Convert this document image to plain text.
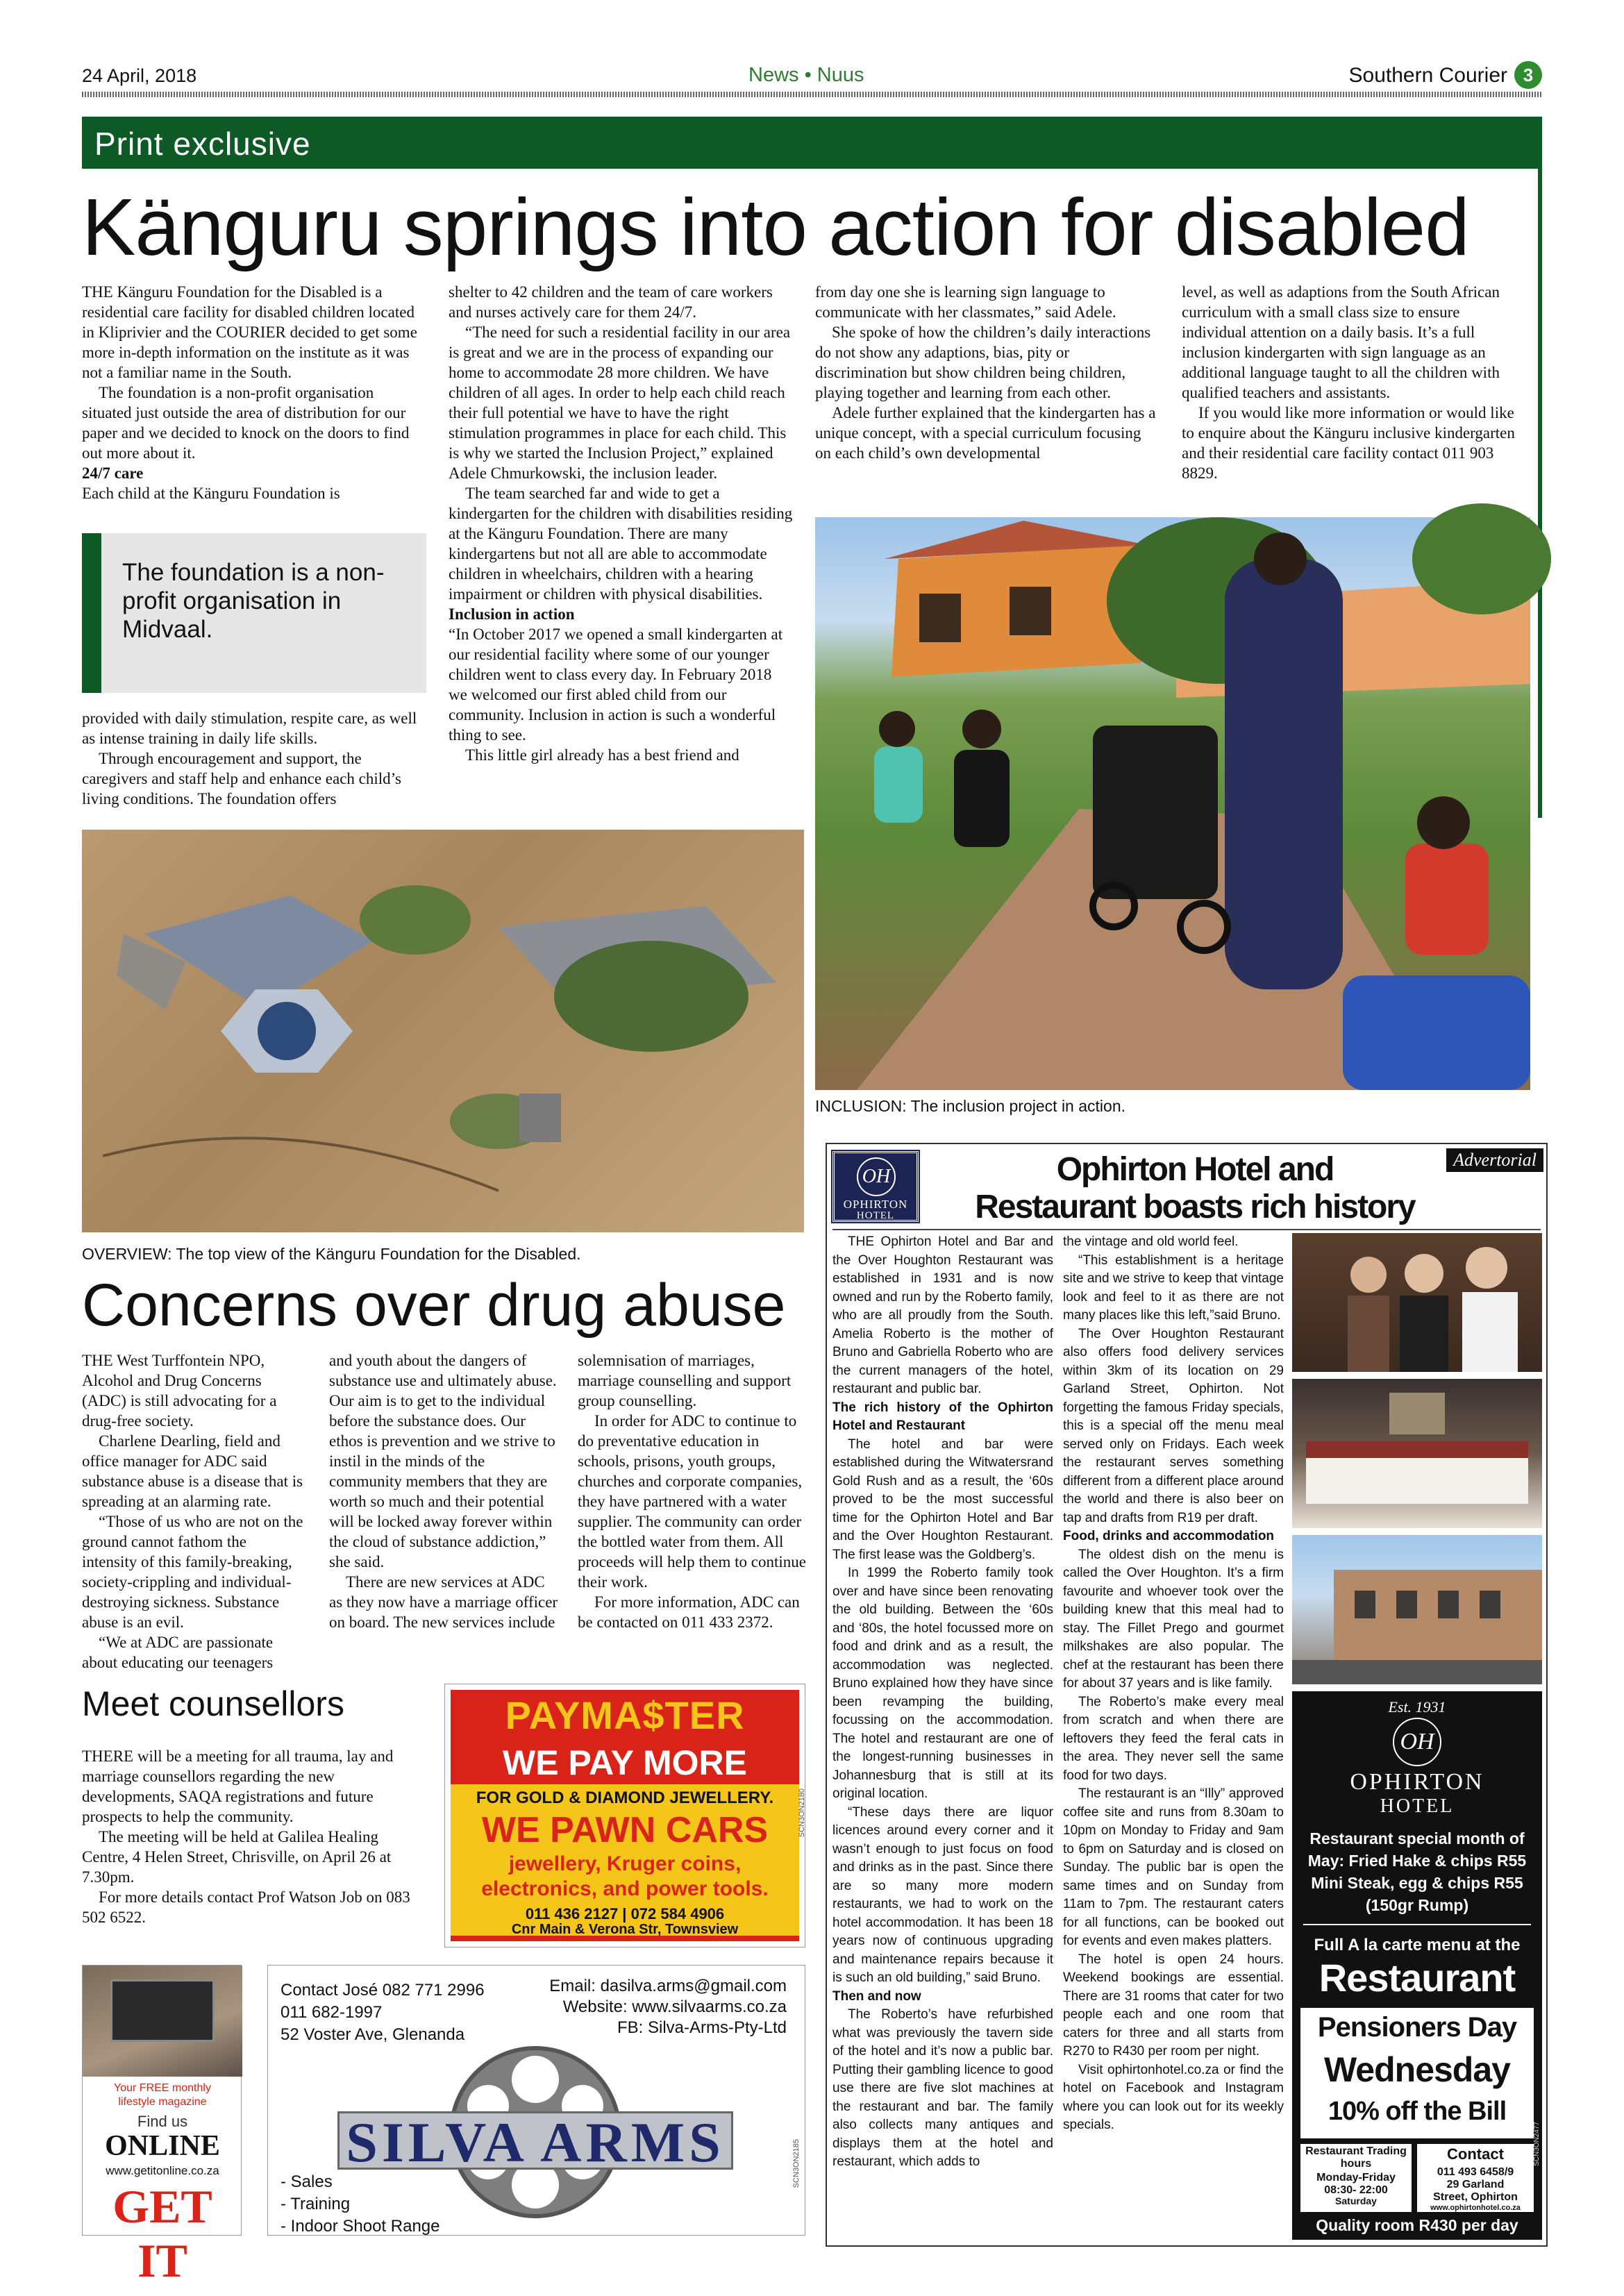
24 April, 2018	News • Nuus	Southern Courier 3
Print exclusive
Känguru springs into action for disabled

THE Känguru Foundation for the Disabled is a residential care facility for disabled children located in Kliprivier and the COURIER decided to get some more in-depth information on the institute as it was not a familiar name in the South.

The foundation is a non-profit organisation situated just outside the area of distribution for our paper and we decided to knock on the doors to find out more about it.

24/7 care

Each child at the Känguru Foundation is

The foundation is a non-profit organisation in Midvaal.

provided with daily stimulation, respite care, as well as intense training in daily life skills.

Through encouragement and support, the caregivers and staff help and enhance each child’s living conditions. The foundation offers

shelter to 42 children and the team of care workers and nurses actively care for them 24/7.

“The need for such a residential facility in our area is great and we are in the process of expanding our home to accommodate 28 more children. We have children of all ages. In order to help each child reach their full potential we have to have the right stimulation programmes in place for each child. This is why we started the Inclusion Project,” explained Adele Chmurkowski, the inclusion leader.

The team searched far and wide to get a kindergarten for the children with disabilities residing at the Känguru Foundation. There are many kindergartens but not all are able to accommodate children in wheelchairs, children with a hearing impairment or children with physical disabilities.

Inclusion in action

“In October 2017 we opened a small kindergarten at our residential facility where some of our younger children went to class every day. In February 2018 we welcomed our first abled child from our community. Inclusion in action is such a wonderful thing to see.

This little girl already has a best friend and

from day one she is learning sign language to communicate with her classmates,” said Adele.

She spoke of how the children’s daily interactions do not show any adaptions, bias, pity or discrimination but show children being children, playing together and learning from each other.

Adele further explained that the kindergarten has a unique concept, with a special curriculum focusing on each child’s own developmental

level, as well as adaptions from the South African curriculum with a small class size to ensure individual attention on a daily basis. It’s a full inclusion kindergarten with sign language as an additional language taught to all the children with qualified teachers and assistants.

If you would like more information or would like to enquire about the Känguru inclusive kindergarten and their residential care facility contact 011 903 8829.

INCLUSION: The inclusion project in action.
OVERVIEW: The top view of the Känguru Foundation for the Disabled.
Concerns over drug abuse

THE West Turffontein NPO, Alcohol and Drug Concerns (ADC) is still advocating for a drug-free society.

Charlene Dearling, field and office manager for ADC said substance abuse is a disease that is spreading at an alarming rate.

“Those of us who are not on the ground cannot fathom the intensity of this family-breaking, society-crippling and individual-destroying sickness. Substance abuse is an evil.

“We at ADC are passionate about educating our teenagers

and youth about the dangers of substance use and ultimately abuse. Our aim is to get to the individual before the substance does. Our ethos is prevention and we strive to instil in the minds of the community members that they are worth so much and their potential will be locked away forever within the cloud of substance addiction,” she said.

There are new services at ADC as they now have a marriage officer on board. The new services include

solemnisation of marriages, marriage counselling and support group counselling.

In order for ADC to continue to do preventative education in schools, prisons, youth groups, churches and corporate companies, they have partnered with a water supplier. The community can order the bottled water from them. All proceeds will help them to continue their work.

For more information, ADC can be contacted on 011 433 2372.

Meet counsellors

THERE will be a meeting for all trauma, lay and marriage counsellors regarding the new developments, SAQA registrations and future prospects to help the community.

The meeting will be held at Galilea Healing Centre, 4 Helen Street, Chrisville, on April 26 at 7.30pm.

For more details contact Prof Watson Job on 083 502 6522.

PAYMA$TER
WE PAY MORE
FOR GOLD & DIAMOND JEWELLERY.
WE PAWN CARS
jewellery, Kruger coins,
electronics, and power tools.
011 436 2127 | 072 584 4906
Cnr Main & Verona Str, Townsview
SCN3ON2180
Your FREE monthly
lifestyle magazine
Find us
ONLINE
www.getitonline.co.za
GET IT
Contact José 082 771 2996
011 682-1997
52 Voster Ave, Glenanda
Email: dasilva.arms@gmail.com
Website: www.silvaarms.co.za
FB: Silva-Arms-Pty-Ltd
SILVA ARMS
- Sales
- Training
- Indoor Shoot Range
SCN3ON2185
OH
OPHIRTON
HOTEL
Ophirton Hotel and
Restaurant boasts rich history
Advertorial

THE Ophirton Hotel and Bar and the Over Houghton Restaurant was established in 1931 and is now owned and run by the Roberto family, who are all proudly from the South. Amelia Roberto is the mother of Bruno and Gabriella Roberto who are the current managers of the hotel, restaurant and public bar.

The rich history of the Ophirton Hotel and Restaurant

The hotel and bar were established during the Witwatersrand Gold Rush and as a result, the ‘60s proved to be the most successful time for the Ophirton Hotel and Bar and the Over Houghton Restaurant. The first lease was the Goldberg’s.

In 1999 the Roberto family took over and have since been renovating the old building. Between the ‘60s and ‘80s, the hotel focussed more on food and drink and as a result, the accommodation was neglected. Bruno explained how they have since been revamping the building, focussing on the accommodation. The hotel and restaurant are one of the longest-running businesses in Johannesburg that is still at its original location.

“These days there are liquor licences around every corner and it wasn’t enough to just focus on food and drinks as in the past. Since there are so many more modern restaurants, we had to work on the hotel accommodation. It has been 18 years now of continuous upgrading and maintenance repairs because it is such an old building,” said Bruno.

Then and now

The Roberto’s have refurbished what was previously the tavern side of the hotel and it’s now a public bar. Putting their gambling licence to good use there are five slot machines at the restaurant and bar. The family also collects many antiques and displays them at the hotel and restaurant, which adds to

the vintage and old world feel.

“This establishment is a heritage site and we strive to keep that vintage look and feel to it as there are not many places like this left,”said Bruno.

The Over Houghton Restaurant also offers food delivery services within 3km of its location on 29 Garland Street, Ophirton. Not forgetting the famous Friday specials, this is a special off the menu meal served only on Fridays. Each week the restaurant serves something different from a different place around the world and there is also beer on tap and drafts from R19 per draft.

Food, drinks and accommodation

The oldest dish on the menu is called the Over Houghton. It’s a firm favourite and whoever took over the building knew that this meal had to stay. The Fillet Prego and gourmet milkshakes are also popular. The chef at the restaurant has been there for about 37 years and is like family.

The Roberto’s make every meal from scratch and when there are leftovers they feed the feral cats in the area. They never sell the same food for two days.

The restaurant is an “Illy” approved coffee site and runs from 8.30am to 10pm on Monday to Friday and 9am to 6pm on Saturday and is closed on Sunday. The public bar is open the same times and on Sunday from 11am to 7pm. The restaurant caters for all functions, can be booked out for events and even makes platters.

The hotel is open 24 hours. Weekend bookings are essential. There are 31 rooms that cater for two people each and one room that caters for three and all starts from R270 to R430 per room per night.

Visit ophirtonhotel.co.za or find the hotel on Facebook and Instagram where you can look out for its weekly specials.

Est. 1931
OH
OPHIRTON
HOTEL
Restaurant special month of May: Fried Hake & chips R55 Mini Steak, egg & chips R55 (150gr Rump)
Full A la carte menu at the
Restaurant
Pensioners Day
Wednesday
10% off the Bill
Restaurant Trading hours
Monday-Friday
08:30- 22:00
Saturday
Contact
011 493 6458/9
29 Garland
Street, Ophirton
www.ophirtonhotel.co.za
Quality room R430 per day
SCN3ON2477
